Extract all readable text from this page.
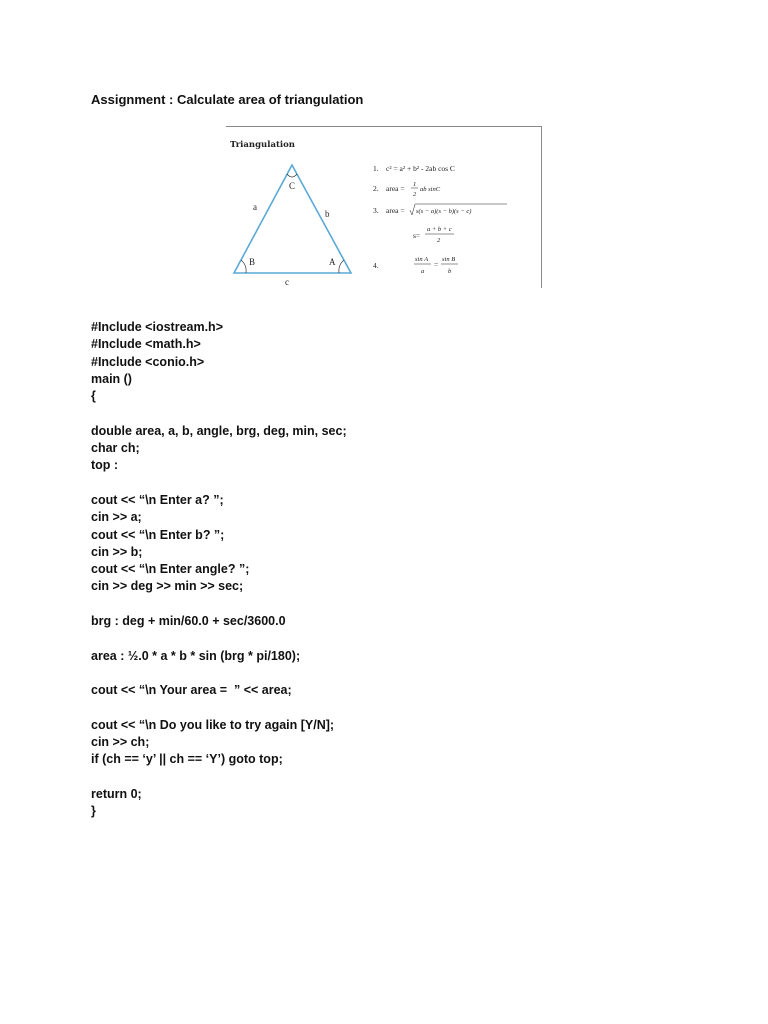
Assignment : Calculate area of triangulation
Triangulation
C
B	A
a
b
c
1. c² = a² + b² - 2ab cos C
2. area = 1
2
ab sinC
3. area = s(s − a)(s − b)(s − c)
s=
a + b + c
2
4.
sin A
a
=
sin B
b
#Include <iostream.h>
#Include <math.h>
#Include <conio.h>
main ()
{
double area, a, b, angle, brg, deg, min, sec;
char ch;
top :
cout << “\n Enter a? ”;
cin >> a;
cout << “\n Enter b? ”;
cin >> b;
cout << “\n Enter angle? ”;
cin >> deg >> min >> sec;
brg : deg + min/60.0 + sec/3600.0
area : ½.0 * a * b * sin (brg * pi/180);
cout << “\n Your area =  ” << area;
cout << “\n Do you like to try again [Y/N];
cin >> ch;
if (ch == ‘y’ || ch == ‘Y’) goto top;
return 0;
}
